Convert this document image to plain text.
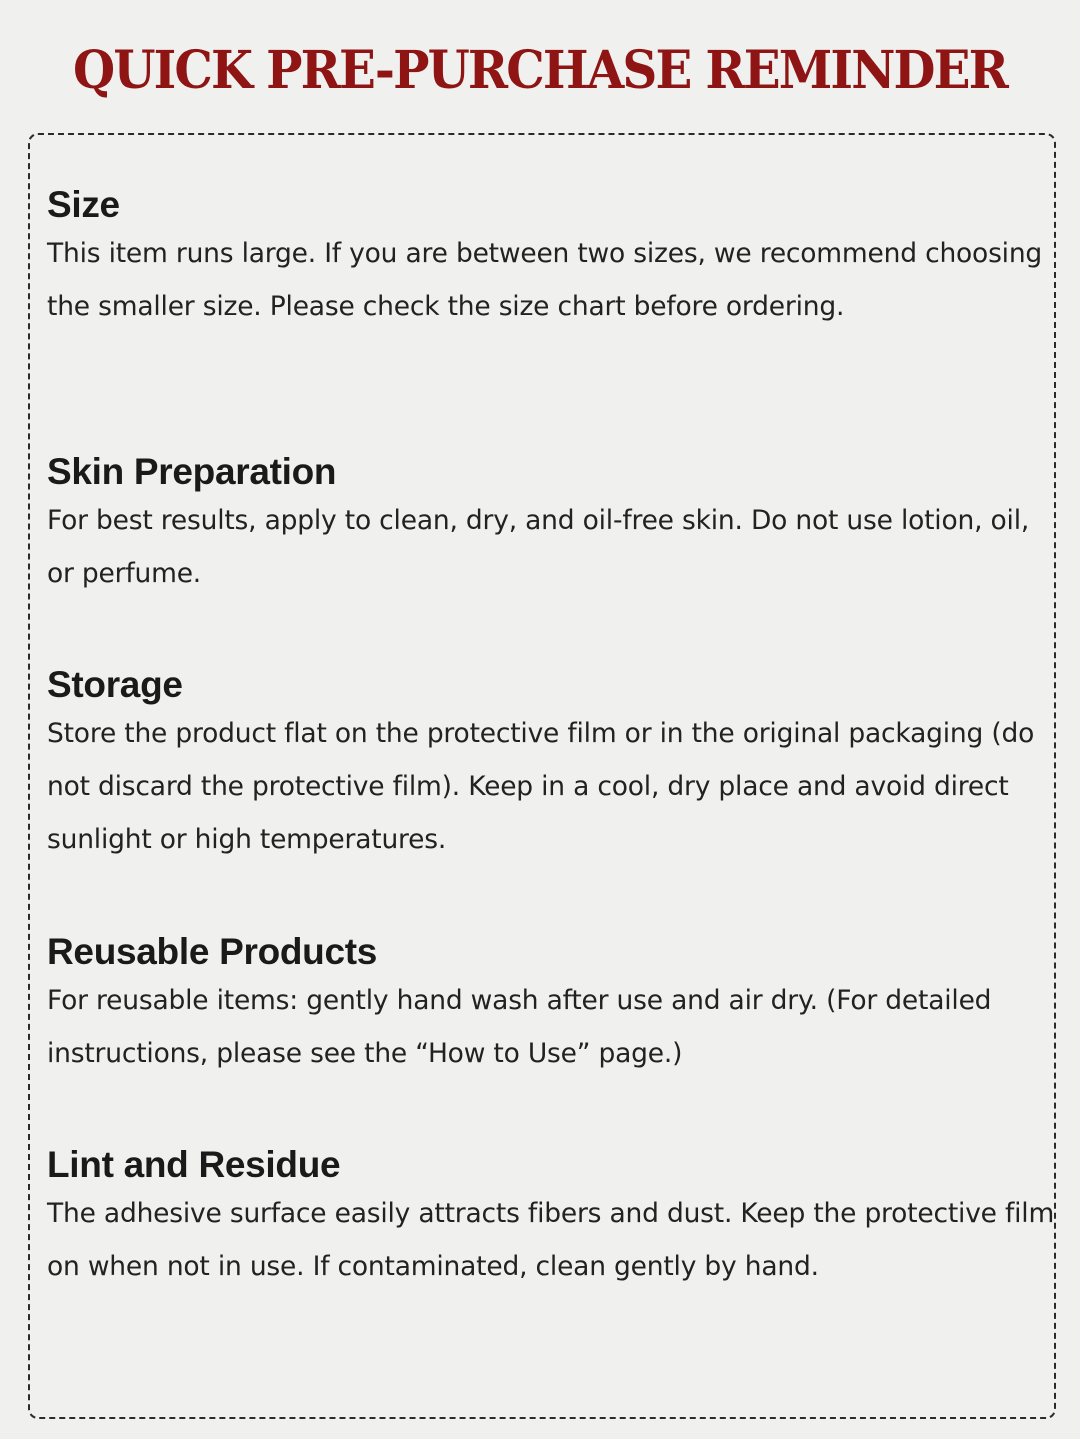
QUICK PRE-PURCHASE REMINDER
Size

This item runs large. If you are between two sizes, we recommend choosing the smaller size. Please check the size chart before ordering.

Skin Preparation

For best results, apply to clean, dry, and oil-free skin. Do not use lotion, oil, or perfume.

Storage

Store the product flat on the protective film or in the original packaging (do not discard the protective film). Keep in a cool, dry place and avoid direct sunlight or high temperatures.

Reusable Products

For reusable items: gently hand wash after use and air dry. (For detailed instructions, please see the “How to Use” page.)

Lint and Residue

The adhesive surface easily attracts fibers and dust. Keep the protective film on when not in use. If contaminated, clean gently by hand.
